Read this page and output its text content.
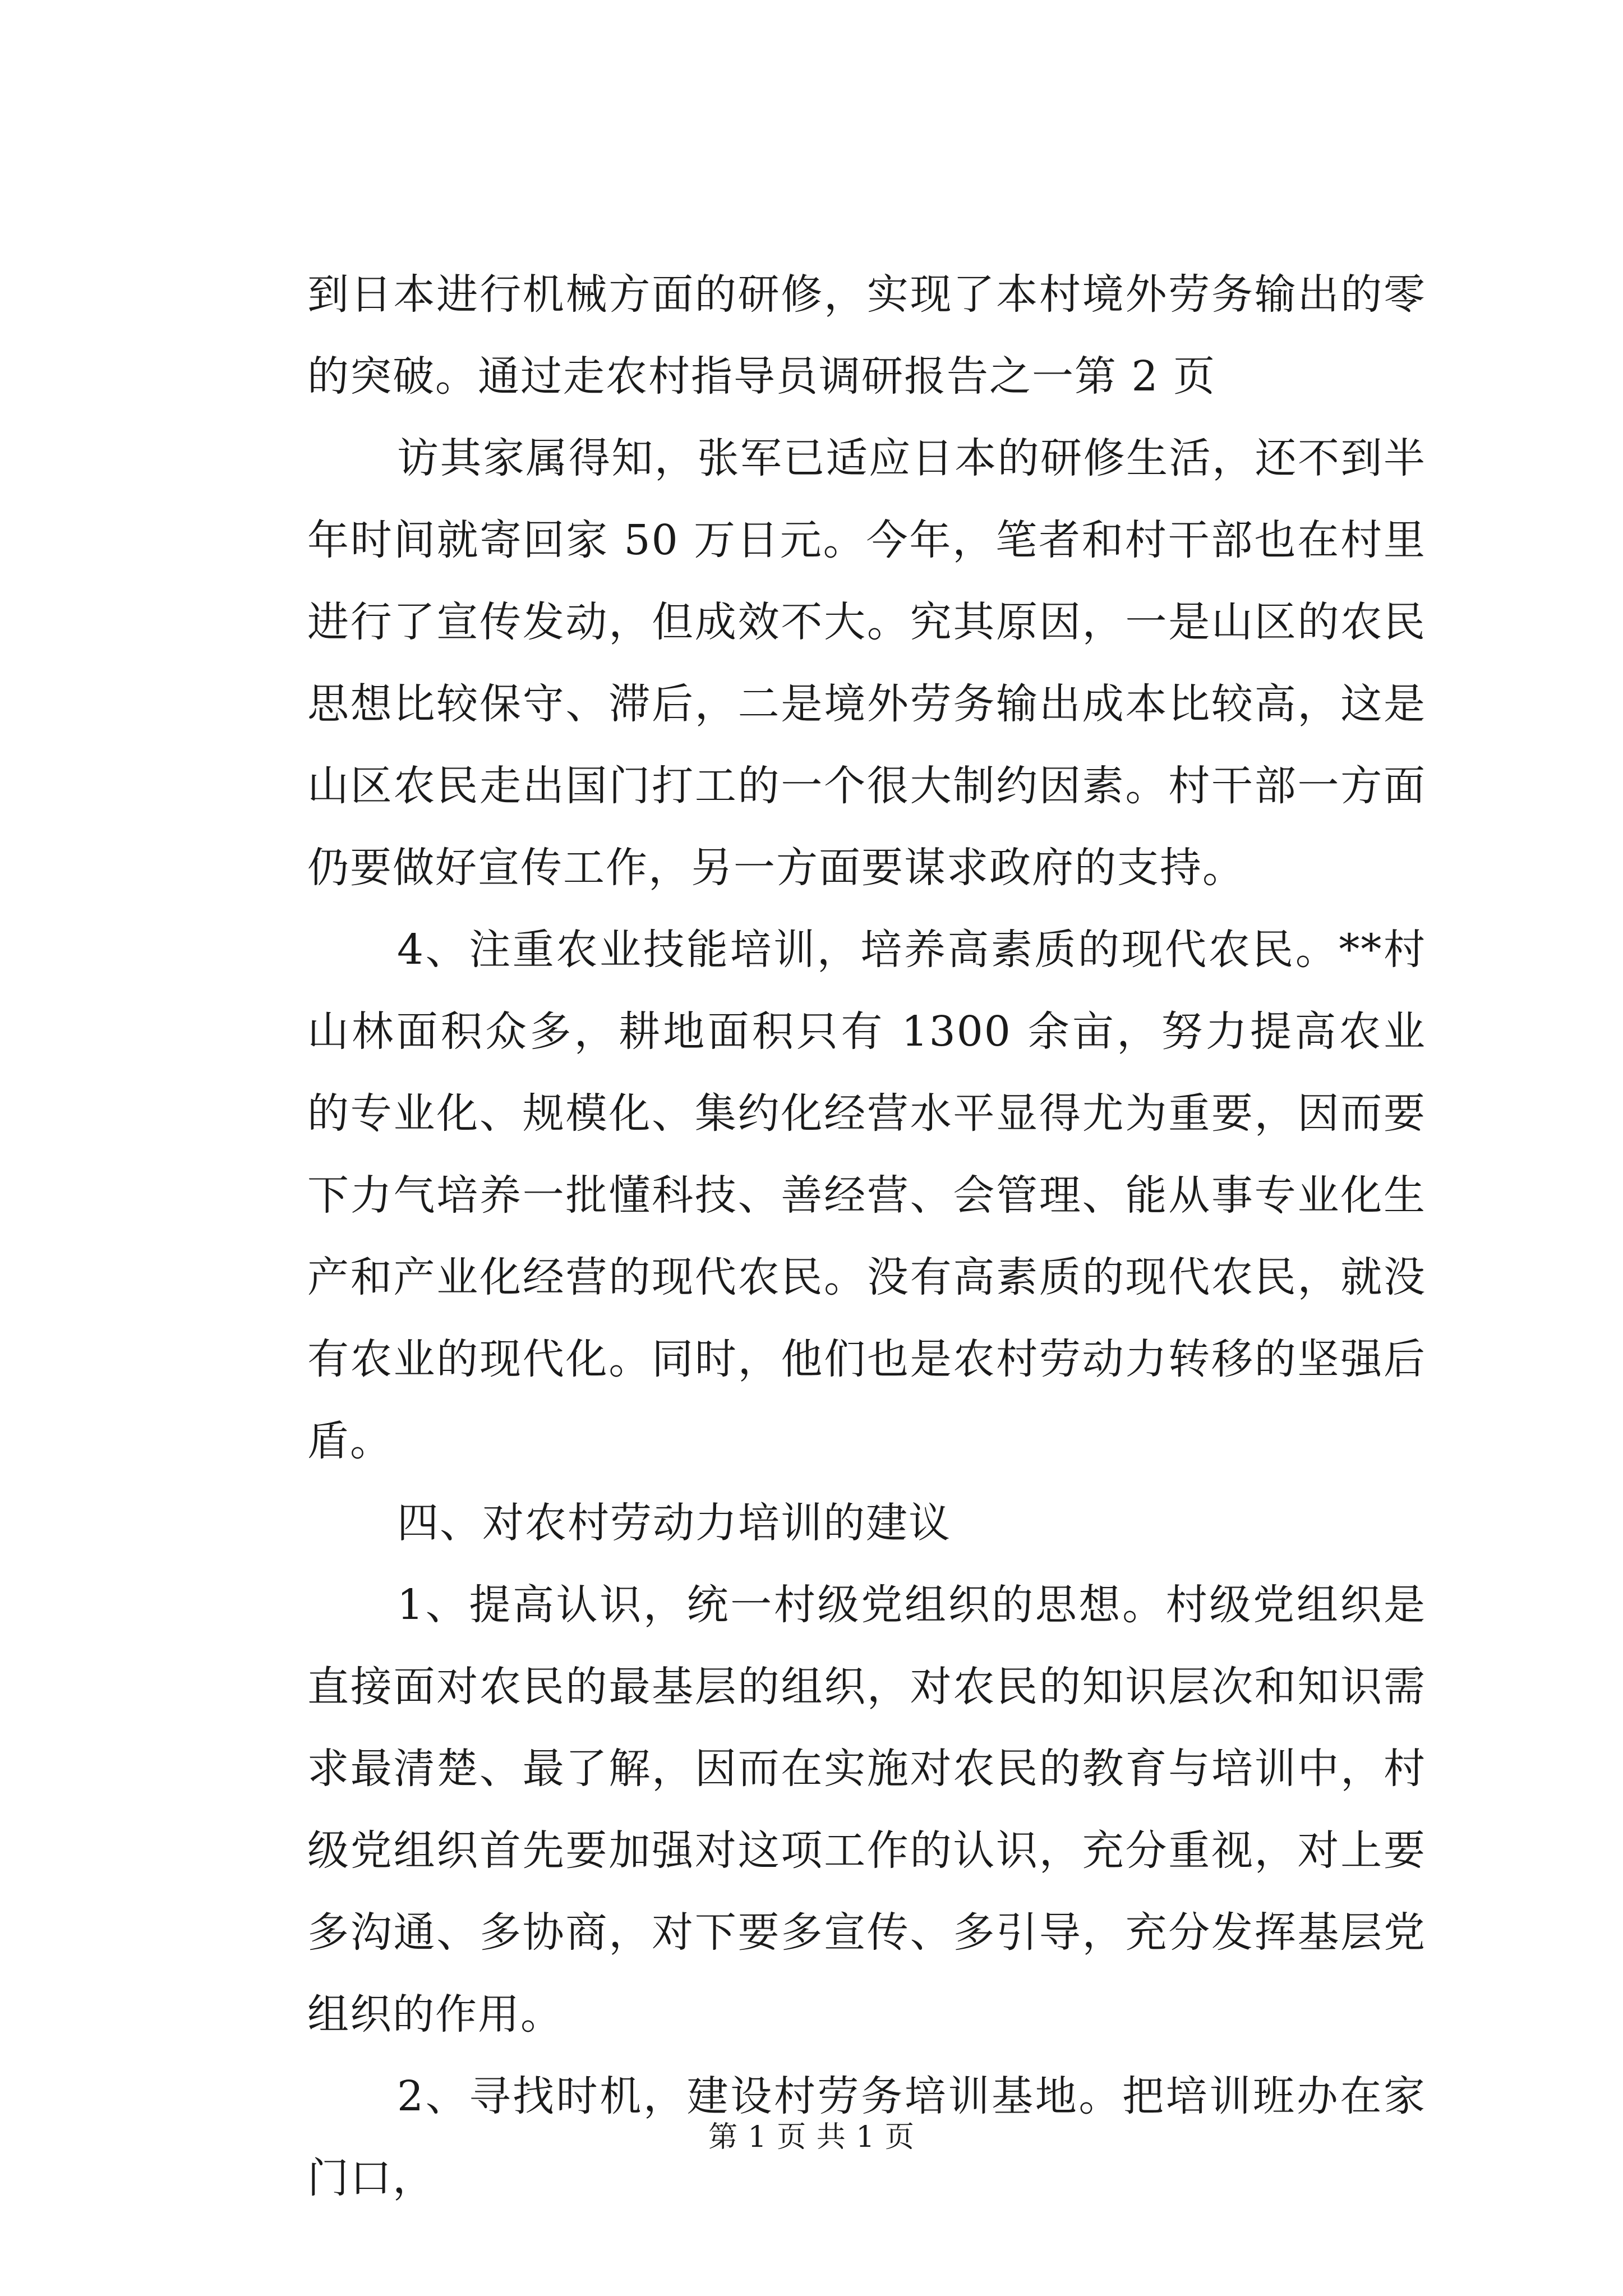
到日本进行机械方面的研修，实现了本村境外劳务输出的零的突破。通过走农村指导员调研报告之一第 2 页

访其家属得知，张军已适应日本的研修生活，还不到半年时间就寄回家 50 万日元。今年，笔者和村干部也在村里进行了宣传发动，但成效不大。究其原因，一是山区的农民思想比较保守、滞后，二是境外劳务输出成本比较高，这是山区农民走出国门打工的一个很大制约因素。村干部一方面仍要做好宣传工作，另一方面要谋求政府的支持。

4、注重农业技能培训，培养高素质的现代农民。**村山林面积众多，耕地面积只有 1300 余亩，努力提高农业的专业化、规模化、集约化经营水平显得尤为重要，因而要下力气培养一批懂科技、善经营、会管理、能从事专业化生产和产业化经营的现代农民。没有高素质的现代农民，就没有农业的现代化。同时，他们也是农村劳动力转移的坚强后盾。

四、对农村劳动力培训的建议

1、提高认识，统一村级党组织的思想。村级党组织是直接面对农民的最基层的组织，对农民的知识层次和知识需求最清楚、最了解，因而在实施对农民的教育与培训中，村级党组织首先要加强对这项工作的认识，充分重视，对上要多沟通、多协商，对下要多宣传、多引导，充分发挥基层党组织的作用。

2、寻找时机，建设村劳务培训基地。把培训班办在家门口，

第 1 页 共 1 页
